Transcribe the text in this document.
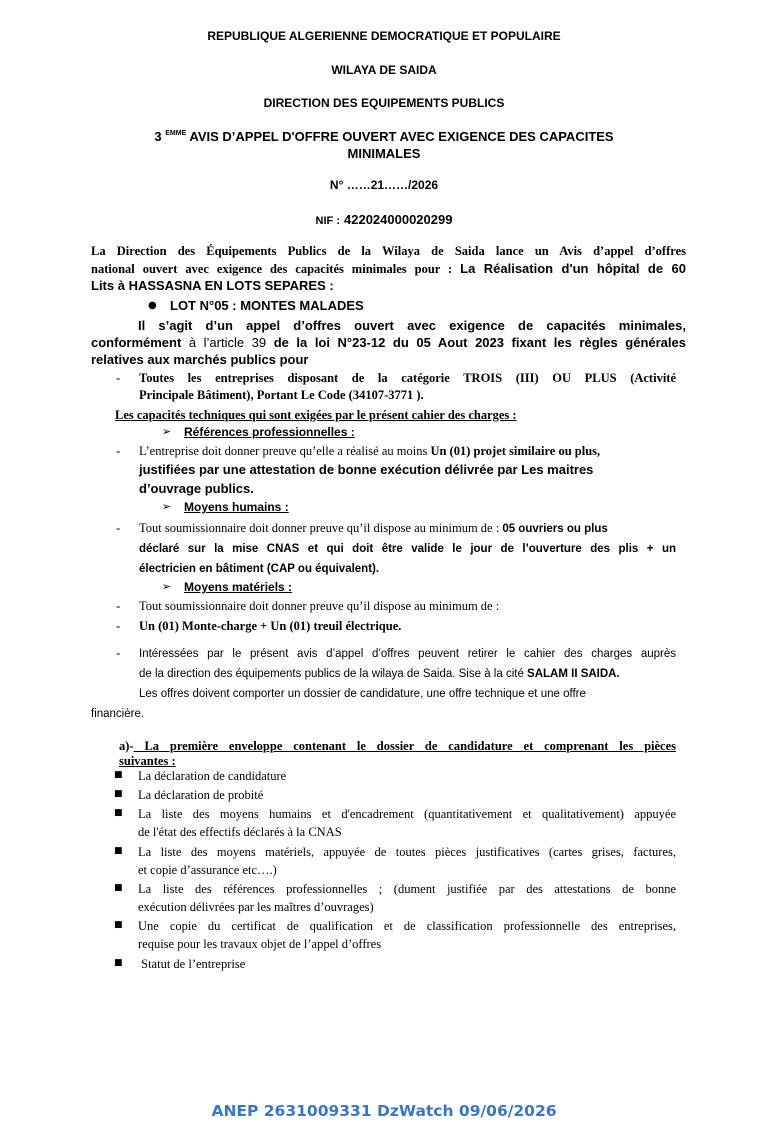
REPUBLIQUE ALGERIENNE DEMOCRATIQUE ET POPULAIRE
WILAYA DE SAIDA
DIRECTION DES EQUIPEMENTS PUBLICS
3 $^{EMME}$ AVIS D’APPEL D'OFFRE OUVERT AVEC EXIGENCE DES CAPACITES
MINIMALES
N° ……21……/2026
NIF : 422024000020299
La Direction des Équipements Publics de la Wilaya de Saida lance un Avis d’appel d’offres
national ouvert avec exigence des capacités minimales pour : La Réalisation d'un hôpital de 60
Lits à HASSASNA EN LOTS SEPARES :
● LOT N°05 : MONTES MALADES
Il s’agit d’un appel d’offres ouvert avec exigence de capacités minimales,
conformément à l’article 39 de la loi N°23-12 du 05 Aout 2023 fixant les règles générales
relatives aux marchés publics pour
- Toutes les entreprises disposant de la catégorie TROIS (III) OU PLUS (Activité
Principale Bâtiment), Portant Le Code (34107-3771 ).
Les capacités techniques qui sont exigées par le présent cahier des charges :
➢ Références professionnelles :
- L’entreprise doit donner preuve qu’elle a réalisé au moins Un (01) projet similaire ou plus,
justifiées par une attestation de bonne exécution délivrée par Les maitres
d’ouvrage publics.
➢ Moyens humains :
- Tout soumissionnaire doit donner preuve qu’il dispose au minimum de : 05 ouvriers ou plus
déclaré sur la mise CNAS et qui doit être valide le jour de l’ouverture des plis + un
électricien en bâtiment (CAP ou équivalent).
➢ Moyens matériels :
- Tout soumissionnaire doit donner preuve qu’il dispose au minimum de :
- Un (01) Monte-charge + Un (01) treuil électrique.
- Intéressées par le présent avis d’appel d’offres peuvent retirer le cahier des charges auprès
de la direction des équipements publics de la wilaya de Saida. Sise à la cité SALAM II SAIDA.
Les offres doivent comporter un dossier de candidature, une offre technique et une offre
financière.
a)- La première enveloppe contenant le dossier de candidature et comprenant les pièces
suivantes :
■ La déclaration de candidature
■ La déclaration de probité
■ La liste des moyens humains et d'encadrement (quantitativement et qualitativement) appuyée
de l'état des effectifs déclarés à la CNAS
■ La liste des moyens matériels, appuyée de toutes pièces justificatives (cartes grises, factures,
et copie d’assurance etc….)
■ La liste des références professionnelles ; (dument justifiée par des attestations de bonne
exécution délivrées par les maîtres d’ouvrages)
■ Une copie du certificat de qualification et de classification professionnelle des entreprises,
requise pour les travaux objet de l’appel d’offres
■ Statut de l’entreprise
ANEP 2631009331 DzWatch 09/06/2026
